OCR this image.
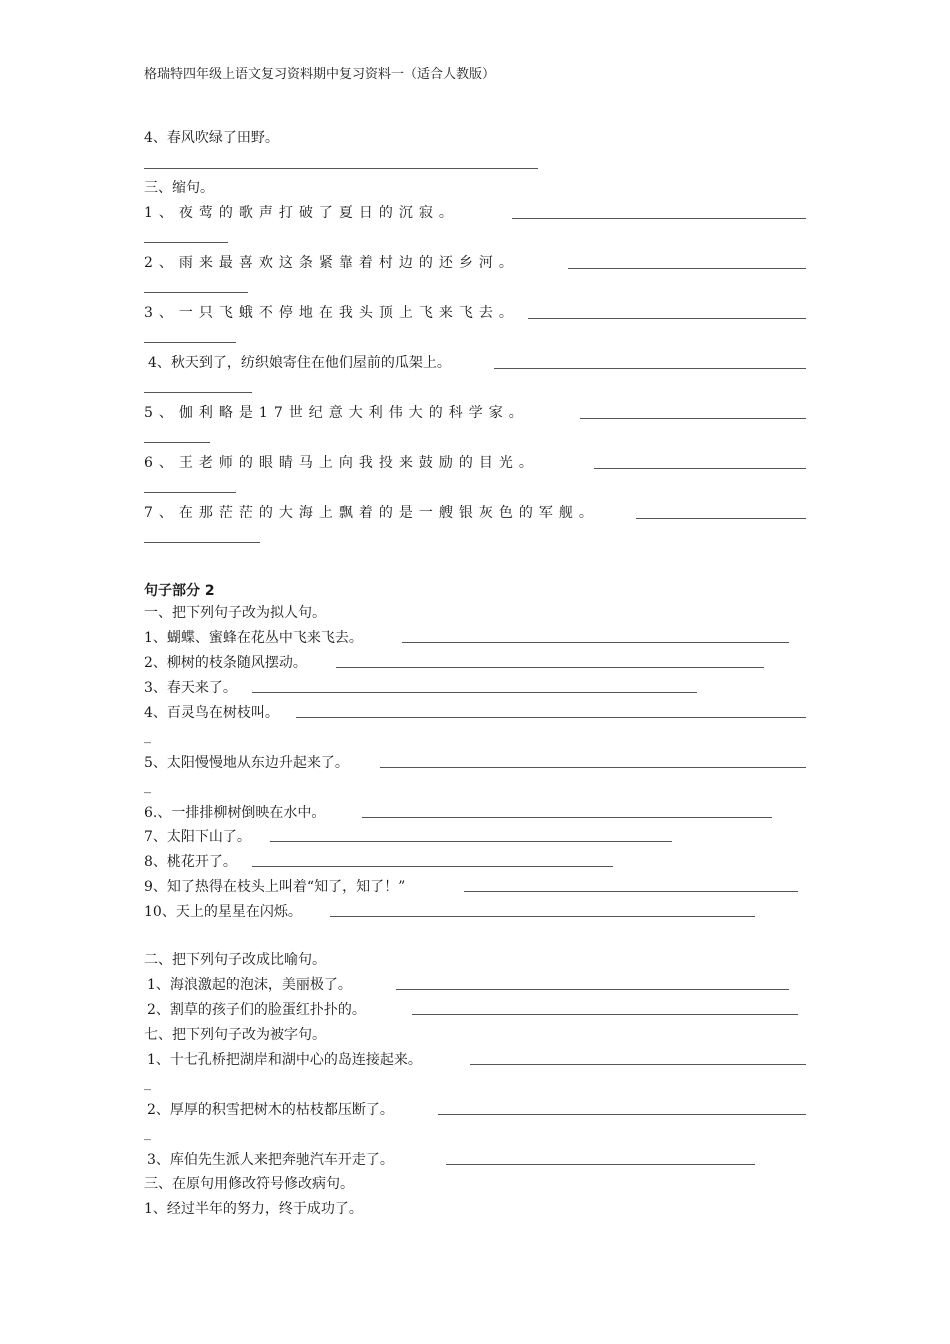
格瑞特四年级上语文复习资料期中复习资料一（适合人教版）
4、春风吹绿了田野。
三、缩句。
1、夜莺的歌声打破了夏日的沉寂。
2、雨来最喜欢这条紧靠着村边的还乡河。
3、一只飞蛾不停地在我头顶上飞来飞去。
4、秋天到了，纺织娘寄住在他们屋前的瓜架上。
5、伽利略是17世纪意大利伟大的科学家。
6、王老师的眼睛马上向我投来鼓励的目光。
7、在那茫茫的大海上飘着的是一艘银灰色的军舰。
句子部分 2
一、把下列句子改为拟人句。
1、蝴蝶、蜜蜂在花丛中飞来飞去。
2、柳树的枝条随风摆动。
3、春天来了。
4、百灵鸟在树枝叫。
_
5、太阳慢慢地从东边升起来了。
_
6.、一排排柳树倒映在水中。
7、太阳下山了。
8、桃花开了。
9、知了热得在枝头上叫着“知了，知了！”
10、天上的星星在闪烁。
二、把下列句子改成比喻句。
1、海浪激起的泡沫，美丽极了。
2、割草的孩子们的脸蛋红扑扑的。
七、把下列句子改为被字句。
1、十七孔桥把湖岸和湖中心的岛连接起来。
_
2、厚厚的积雪把树木的枯枝都压断了。
_
3、库伯先生派人来把奔驰汽车开走了。
三、在原句用修改符号修改病句。
1、经过半年的努力，终于成功了。
